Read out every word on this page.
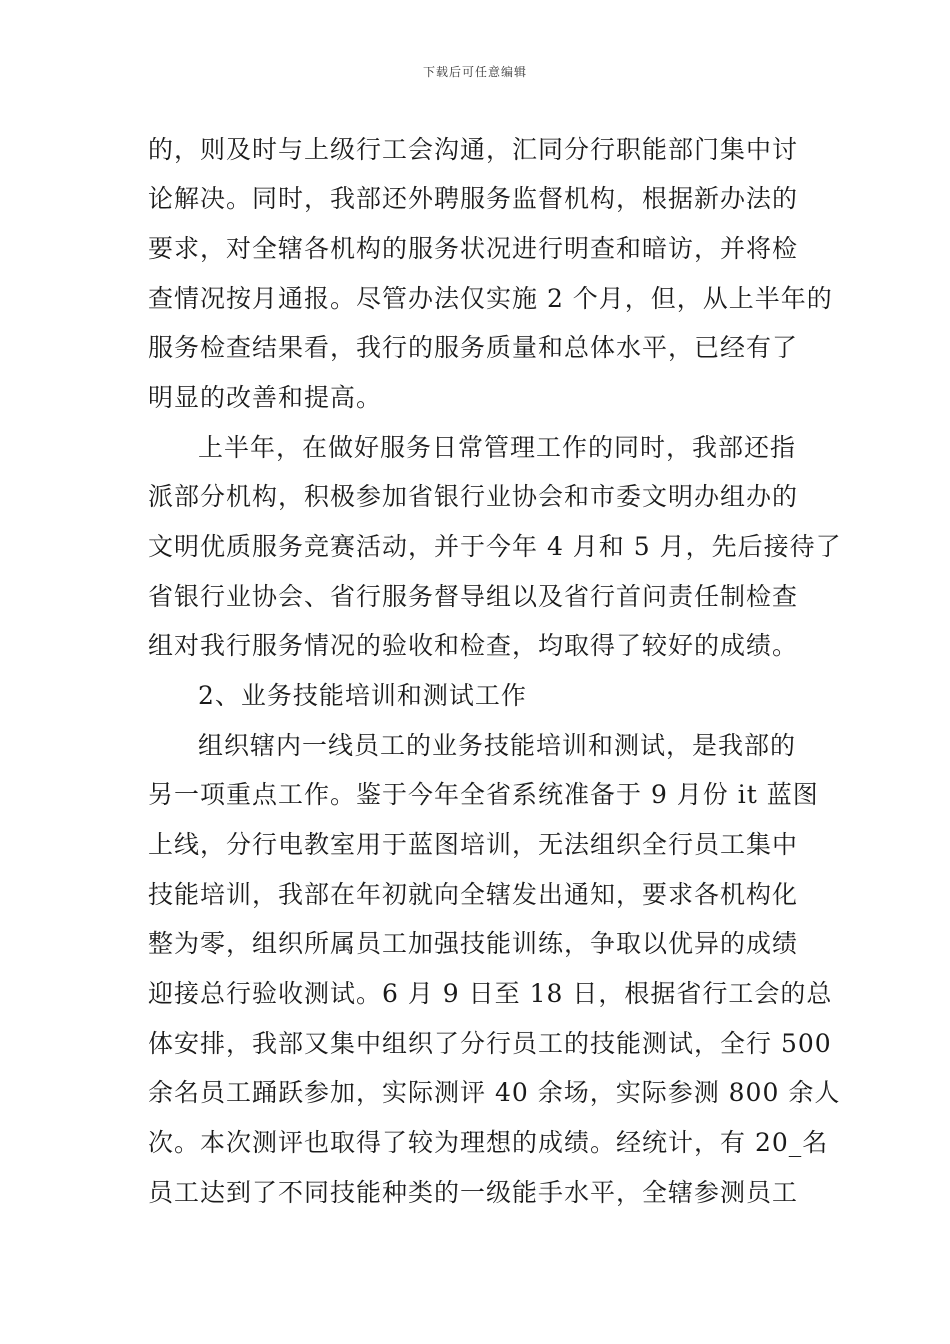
下载后可任意编辑
的，则及时与上级行工会沟通，汇同分行职能部门集中讨
论解决。同时，我部还外聘服务监督机构，根据新办法的
要求，对全辖各机构的服务状况进行明查和暗访，并将检
查情况按月通报。尽管办法仅实施 2 个月，但，从上半年的
服务检查结果看，我行的服务质量和总体水平，已经有了
明显的改善和提高。
上半年，在做好服务日常管理工作的同时，我部还指
派部分机构，积极参加省银行业协会和市委文明办组办的
文明优质服务竞赛活动，并于今年 4 月和 5 月，先后接待了
省银行业协会、省行服务督导组以及省行首问责任制检查
组对我行服务情况的验收和检查，均取得了较好的成绩。
2、业务技能培训和测试工作
组织辖内一线员工的业务技能培训和测试，是我部的
另一项重点工作。鉴于今年全省系统准备于 9 月份 it 蓝图
上线，分行电教室用于蓝图培训，无法组织全行员工集中
技能培训，我部在年初就向全辖发出通知，要求各机构化
整为零，组织所属员工加强技能训练，争取以优异的成绩
迎接总行验收测试。6 月 9 日至 18 日，根据省行工会的总
体安排，我部又集中组织了分行员工的技能测试，全行 500
余名员工踊跃参加，实际测评 40 余场，实际参测 800 余人
次。本次测评也取得了较为理想的成绩。经统计，有 20_名
员工达到了不同技能种类的一级能手水平，全辖参测员工
